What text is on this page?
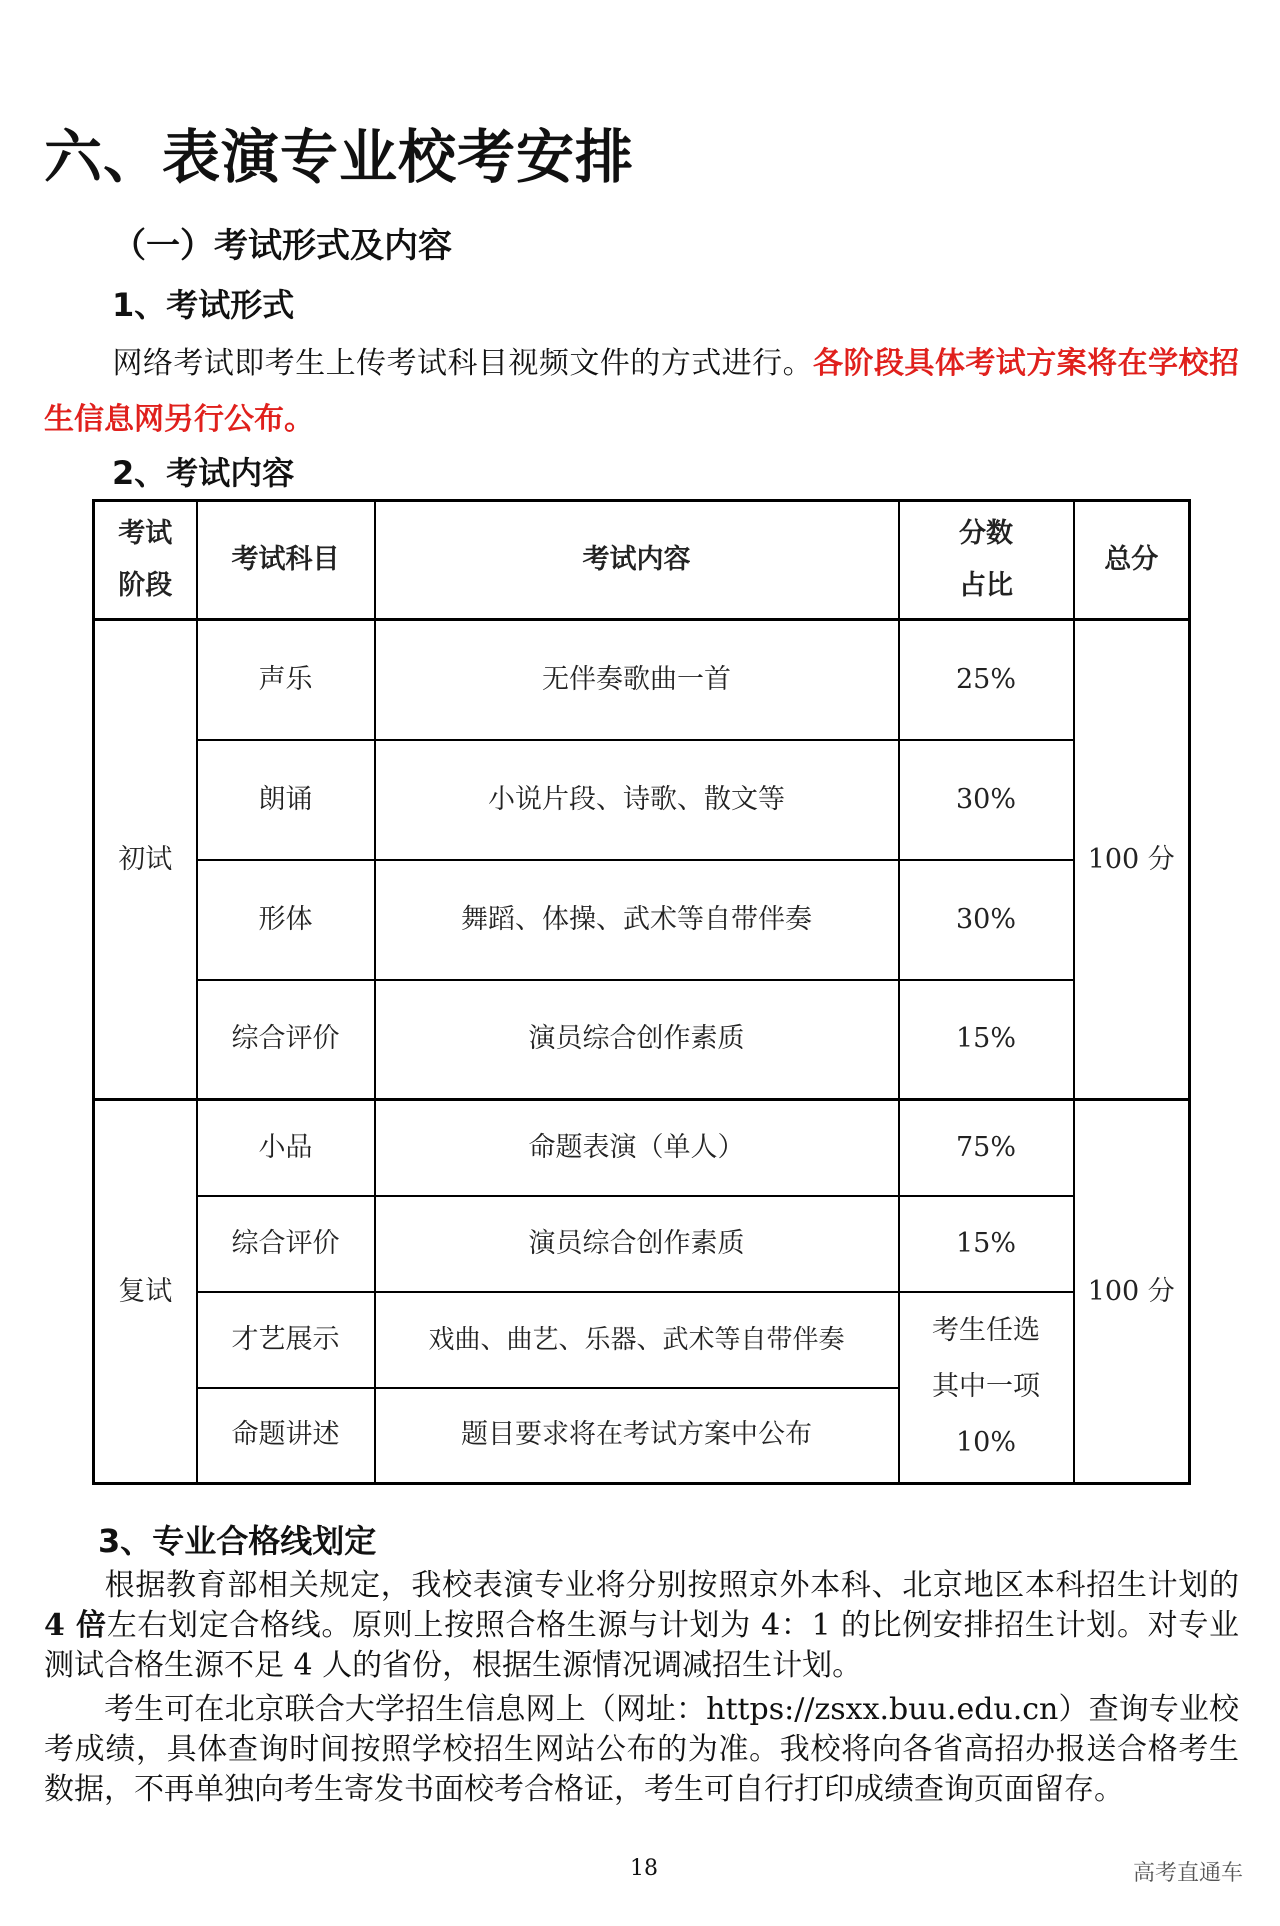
六、表演专业校考安排
（一）考试形式及内容
1、考试形式
网络考试即考生上传考试科目视频文件的方式进行。各阶段具体考试方案将在学校招生信息网另行公布。
2、考试内容
考试阶段	考试科目	考试内容	分数占比	总分
初试	声乐	无伴奏歌曲一首	25%	100 分
	朗诵	小说片段、诗歌、散文等	30%	
	形体	舞蹈、体操、武术等自带伴奏	30%	
	综合评价	演员综合创作素质	15%	
复试	小品	命题表演（单人）	75%	100 分
	综合评价	演员综合创作素质	15%	
	才艺展示	戏曲、曲艺、乐器、武术等自带伴奏	考生任选其中一项10%	
	命题讲述	题目要求将在考试方案中公布		
3、专业合格线划定
根据教育部相关规定，我校表演专业将分别按照京外本科、北京地区本科招生计划的 4 倍左右划定合格线。原则上按照合格生源与计划为 4：1 的比例安排招生计划。对专业测试合格生源不足 4 人的省份，根据生源情况调减招生计划。
考生可在北京联合大学招生信息网上（网址：https://zsxx.buu.edu.cn）查询专业校考成绩，具体查询时间按照学校招生网站公布的为准。我校将向各省高招办报送合格考生数据，不再单独向考生寄发书面校考合格证，考生可自行打印成绩查询页面留存。
18	高考直通车
